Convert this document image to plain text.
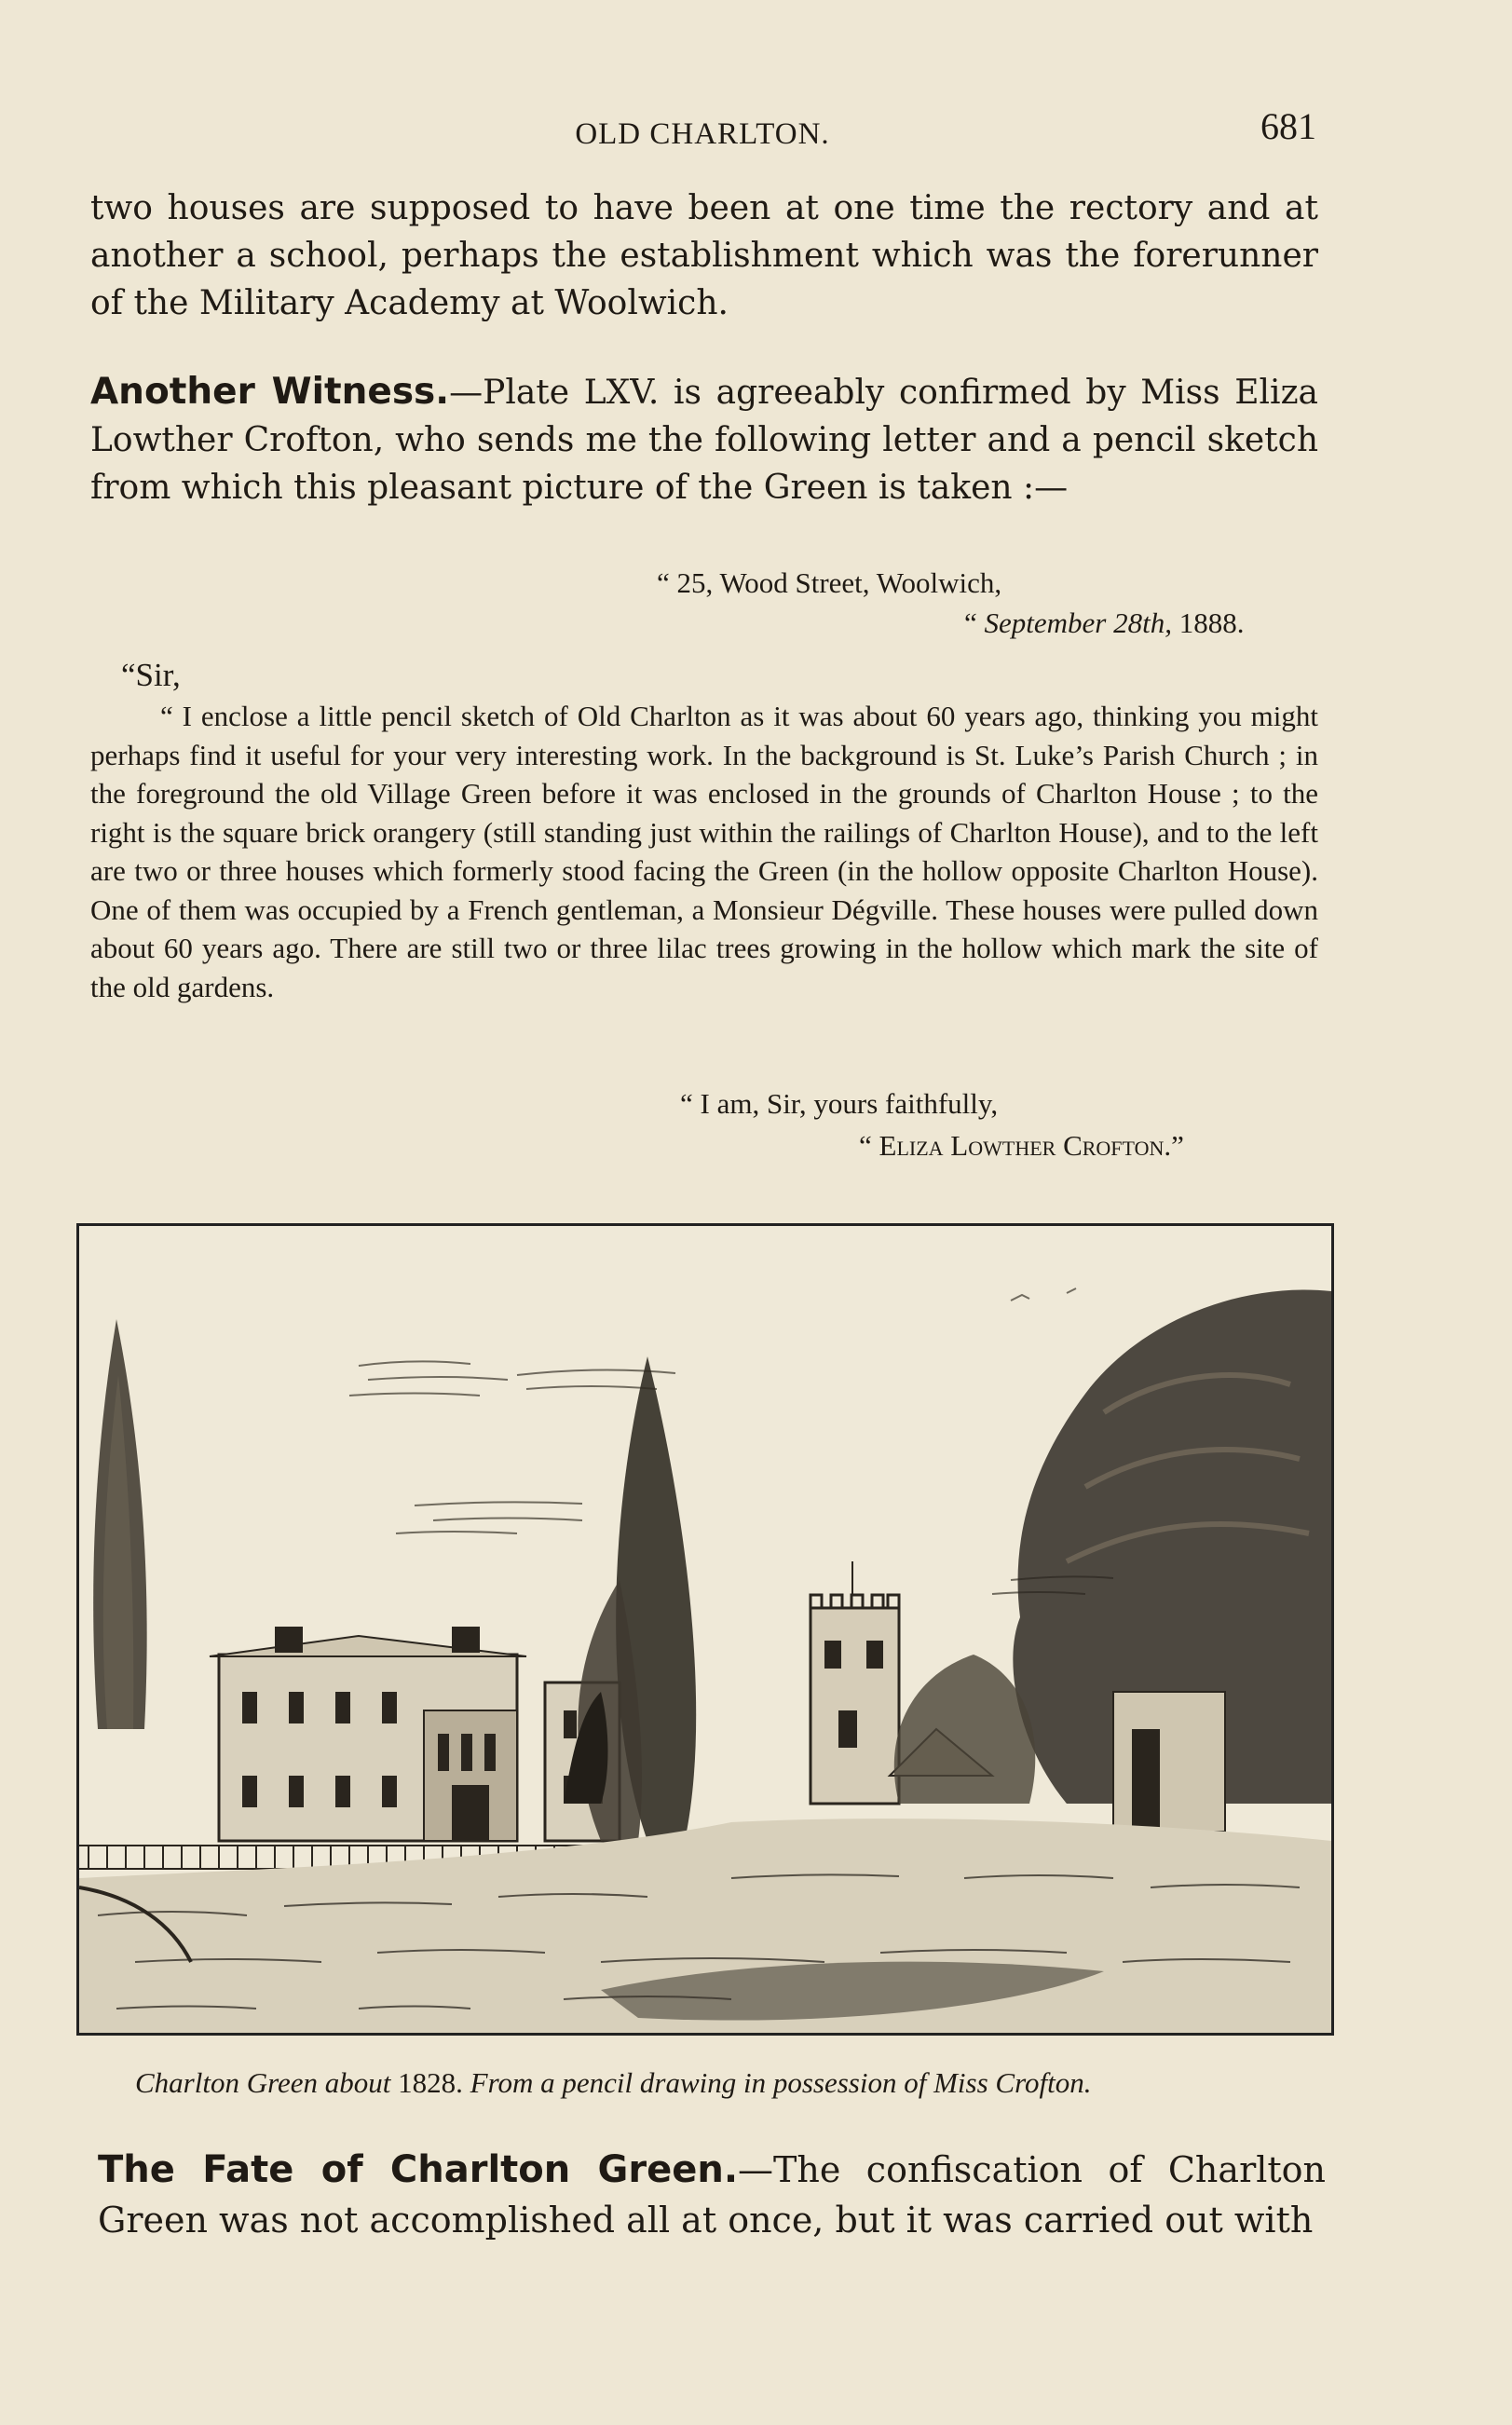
OLD CHARLTON.	681

two houses are supposed to have been at one time the rectory and at another a school, perhaps the establishment which was the forerunner of the Military Academy at Woolwich.

Another Witness.—Plate LXV. is agreeably confirmed by Miss Eliza Lowther Crofton, who sends me the following letter and a pencil sketch from which this pleasant picture of the Green is taken :—

“ 25, Wood Street, Woolwich,
“ September 28th, 1888.
“Sir,

“ I enclose a little pencil sketch of Old Charlton as it was about 60 years ago, thinking you might perhaps find it useful for your very interesting work. In the background is St. Luke’s Parish Church ; in the foreground the old Village Green before it was enclosed in the grounds of Charlton House ; to the right is the square brick orangery (still standing just within the railings of Charlton House), and to the left are two or three houses which formerly stood facing the Green (in the hollow opposite Charlton House). One of them was occupied by a French gentleman, a Monsieur Dégville. These houses were pulled down about 60 years ago. There are still two or three lilac trees growing in the hollow which mark the site of the old gardens.

“ I am, Sir, yours faithfully,
“ Eliza Lowther Crofton.”
Charlton Green about 1828. From a pencil drawing in possession of Miss Crofton.

The Fate of Charlton Green.—The confiscation of Charlton Green was not accomplished all at once, but it was carried out with
